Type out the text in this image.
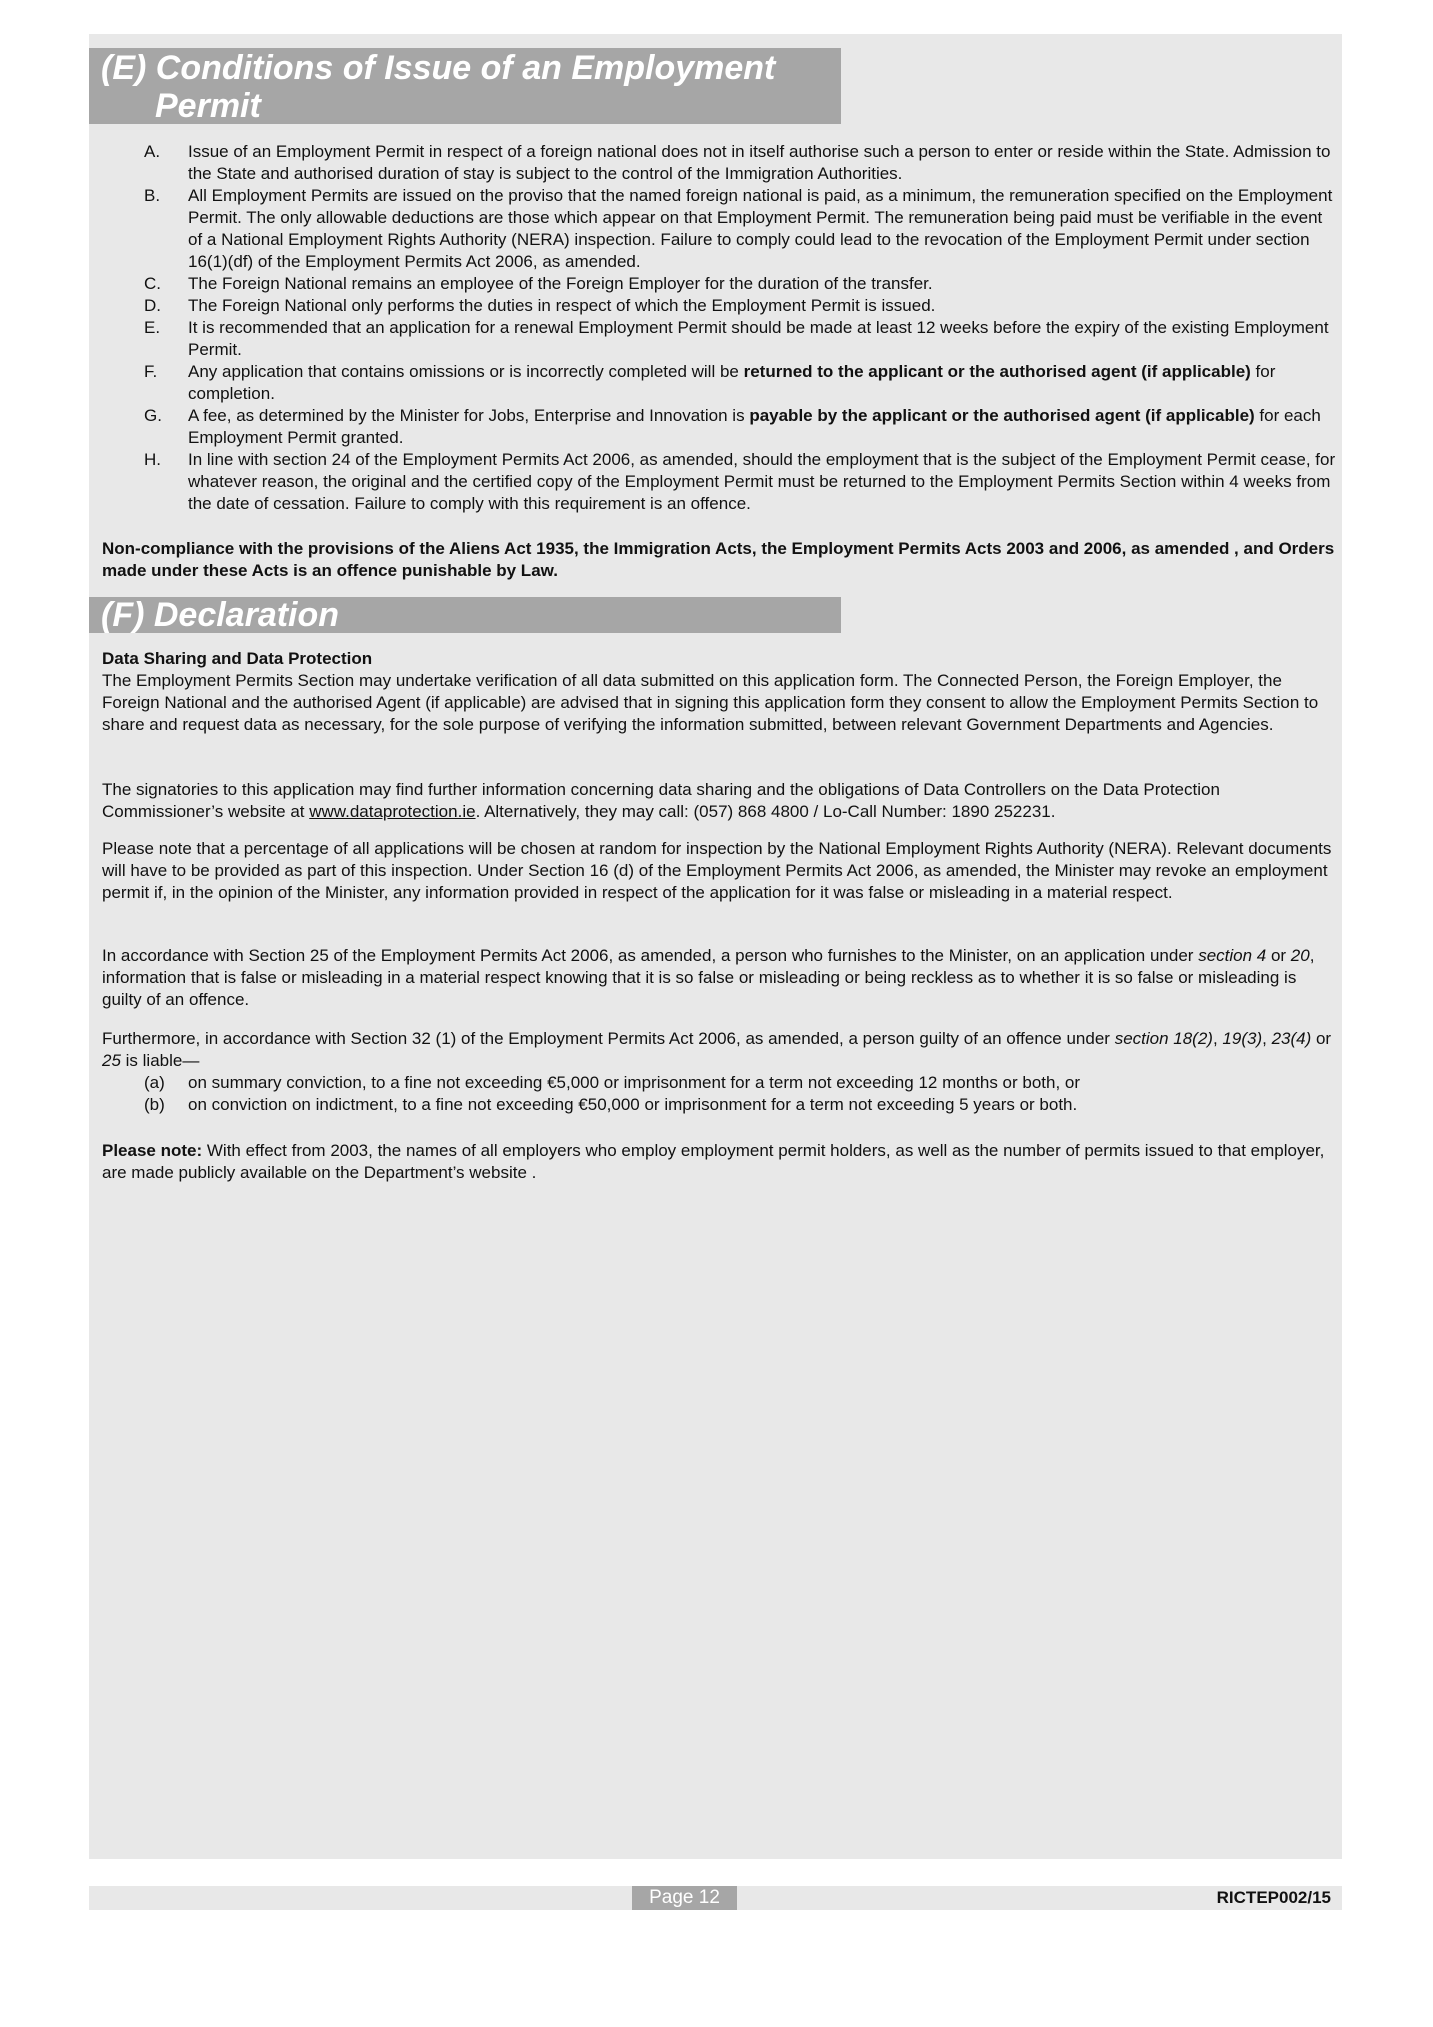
(E) Conditions of Issue of an Employment
Permit
A. Issue of an Employment Permit in respect of a foreign national does not in itself authorise such a person to enter or reside within the State. Admission to the State and authorised duration of stay is subject to the control of the Immigration Authorities.
B. All Employment Permits are issued on the proviso that the named foreign national is paid, as a minimum, the remuneration specified on the Employment Permit. The only allowable deductions are those which appear on that Employment Permit. The remuneration being paid must be verifiable in the event of a National Employment Rights Authority (NERA) inspection. Failure to comply could lead to the revocation of the Employment Permit under section 16(1)(df) of the Employment Permits Act 2006, as amended.
C. The Foreign National remains an employee of the Foreign Employer for the duration of the transfer.
D. The Foreign National only performs the duties in respect of which the Employment Permit is issued.
E. It is recommended that an application for a renewal Employment Permit should be made at least 12 weeks before the expiry of the existing Employment Permit.
F. Any application that contains omissions or is incorrectly completed will be returned to the applicant or the authorised agent (if applicable) for completion.
G. A fee, as determined by the Minister for Jobs, Enterprise and Innovation is payable by the applicant or the authorised agent (if applicable) for each Employment Permit granted.
H. In line with section 24 of the Employment Permits Act 2006, as amended, should the employment that is the subject of the Employment Permit cease, for whatever reason, the original and the certified copy of the Employment Permit must be returned to the Employment Permits Section within 4 weeks from the date of cessation. Failure to comply with this requirement is an offence.
Non-compliance with the provisions of the Aliens Act 1935, the Immigration Acts, the Employment Permits Acts 2003 and 2006, as amended , and Orders made under these Acts is an offence punishable by Law.
(F) Declaration
Data Sharing and Data Protection
The Employment Permits Section may undertake verification of all data submitted on this application form. The Connected Person, the Foreign Employer, the Foreign National and the authorised Agent (if applicable) are advised that in signing this application form they consent to allow the Employment Permits Section to share and request data as necessary, for the sole purpose of verifying the information submitted, between relevant Government Departments and Agencies.
The signatories to this application may find further information concerning data sharing and the obligations of Data Controllers on the Data Protection Commissioner’s website at www.dataprotection.ie. Alternatively, they may call: (057) 868 4800 / Lo-Call Number: 1890 252231.
Please note that a percentage of all applications will be chosen at random for inspection by the National Employment Rights Authority (NERA). Relevant documents will have to be provided as part of this inspection. Under Section 16 (d) of the Employment Permits Act 2006, as amended, the Minister may revoke an employment permit if, in the opinion of the Minister, any information provided in respect of the application for it was false or misleading in a material respect.
In accordance with Section 25 of the Employment Permits Act 2006, as amended, a person who furnishes to the Minister, on an application under section 4 or 20, information that is false or misleading in a material respect knowing that it is so false or misleading or being reckless as to whether it is so false or misleading is guilty of an offence.
Furthermore, in accordance with Section 32 (1) of the Employment Permits Act 2006, as amended, a person guilty of an offence under section 18(2), 19(3), 23(4) or 25 is liable—
(a) on summary conviction, to a fine not exceeding €5,000 or imprisonment for a term not exceeding 12 months or both, or
(b) on conviction on indictment, to a fine not exceeding €50,000 or imprisonment for a term not exceeding 5 years or both.
Please note: With effect from 2003, the names of all employers who employ employment permit holders, as well as the number of permits issued to that employer, are made publicly available on the Department’s website .
Page 12	RICTEP002/15
